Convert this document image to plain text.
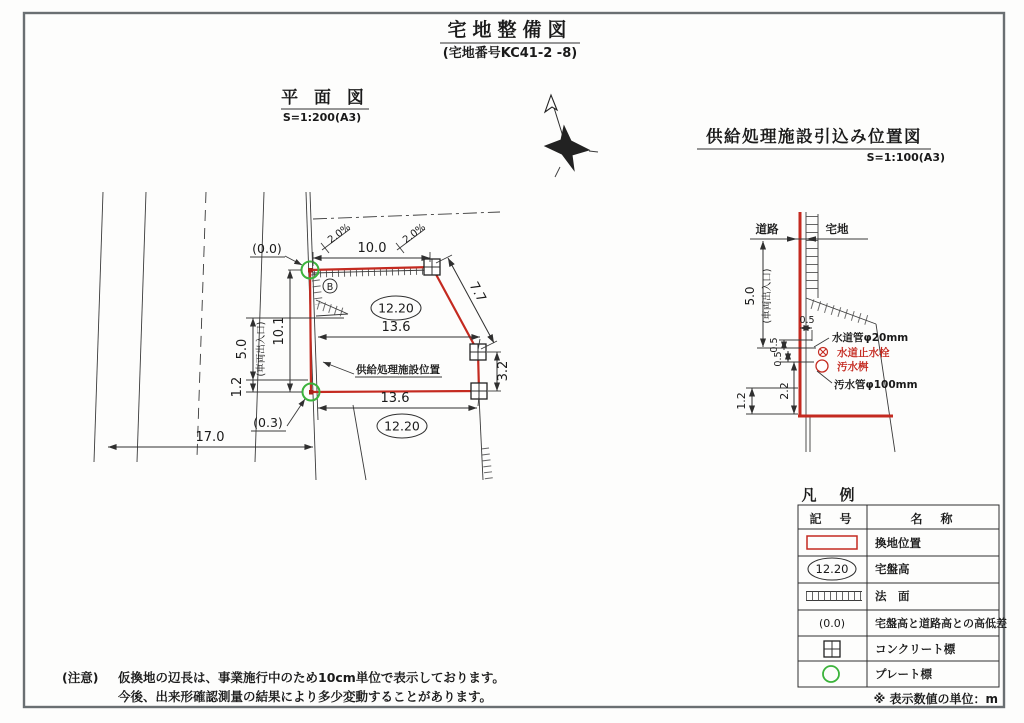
宅地整備図
(宅地番号KC41-2 -8)
平 面 図
S=1:200(A3)
10.0
2.0%	2.0%
7.7
13.6
3.2
13.6
10.1
5.0 (車両出入口)
1.2
17.0
(0.0)
(0.3)
12.20
12.20
B
供給処理施設位置
供給処理施設引込み位置図
S=1:100(A3)
道路	宅地
5.0 (車両出入口)
0.5
0.5
2.2
1.2
0.5
水道管φ20mm
水道止水栓
汚水桝
汚水管φ100mm
凡　例
記　号	名　称
換地位置
12.20 宅盤高
法　面
(0.0)	宅盤高と道路高との高低差
コンクリート標
プレート標
※ 表示数値の単位：m
(注意) 仮換地の辺長は、事業施行中のため10cm単位で表示しております。
今後、出来形確認測量の結果により多少変動することがあります。
